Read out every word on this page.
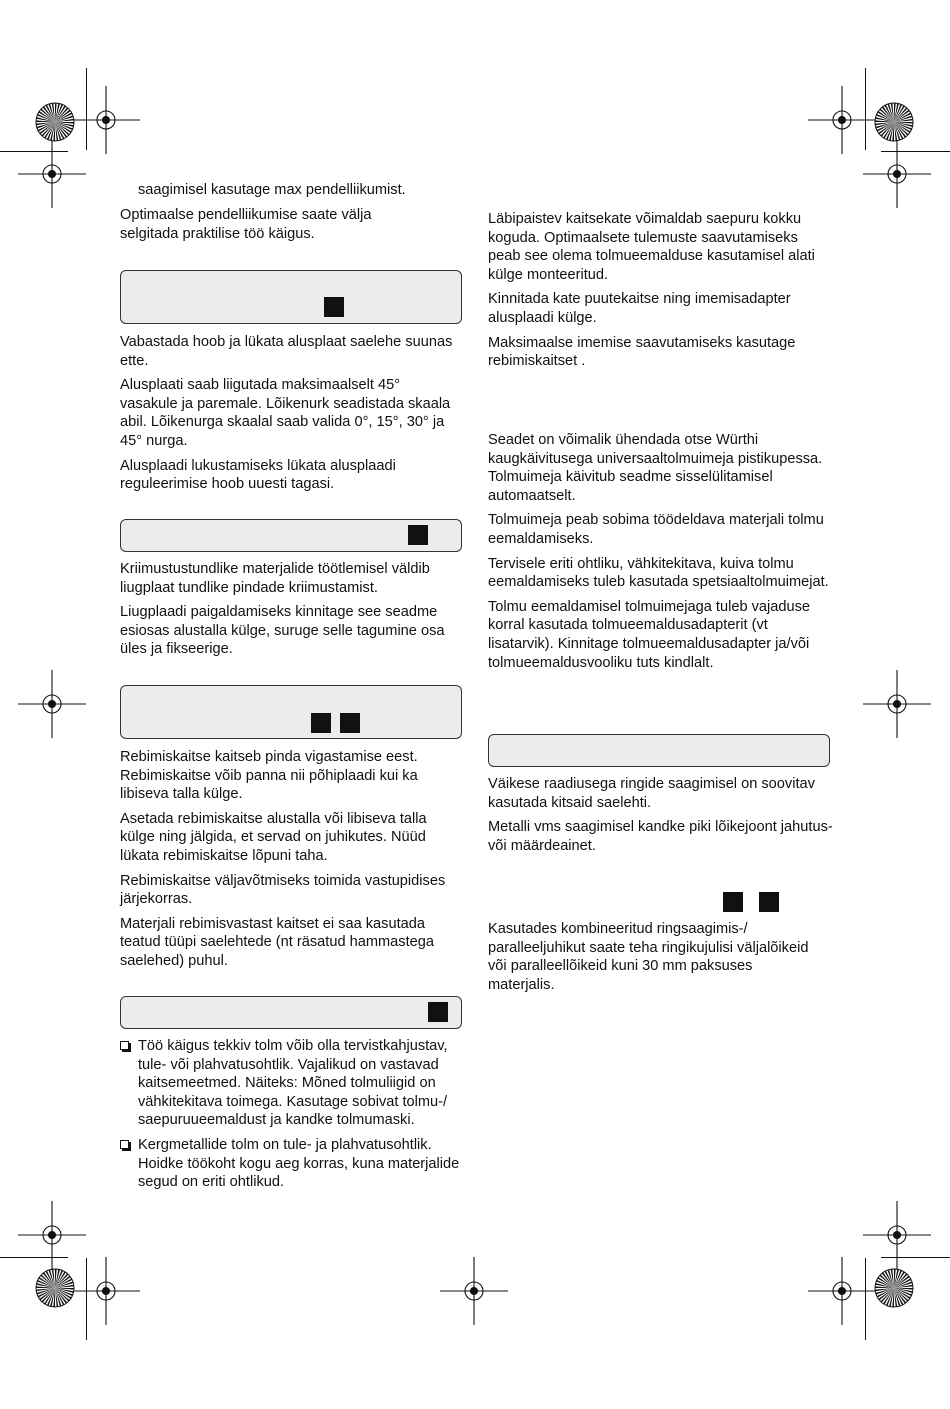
saagimisel kasutage max pendelliikumist.

Optimaalse pendelliikumise saate välja selgitada praktilise töö käigus.

Vabastada hoob ja lükata alusplaat saelehe suunas ette.

Alusplaati saab liigutada maksimaalselt 45° vasakule ja paremale. Lõikenurk seadistada skaala abil. Lõikenurga skaalal saab valida 0°, 15°, 30° ja 45° nurga.

Alusplaadi lukustamiseks lükata alusplaadi reguleerimise hoob uuesti tagasi.

Kriimustustundlike materjalide töötlemisel väldib liugplaat tundlike pindade kriimustamist.

Liugplaadi paigaldamiseks kinnitage see seadme esiosas alustalla külge, suruge selle tagumine osa üles ja fikseerige.

Rebimiskaitse kaitseb pinda vigastamise eest. Rebimiskaitse võib panna nii põhiplaadi kui ka libiseva talla külge.

Asetada rebimiskaitse alustalla või libiseva talla külge ning jälgida, et servad on juhikutes. Nüüd lükata rebimiskaitse lõpuni taha.

Rebimiskaitse väljavõtmiseks toimida vastupidises järjekorras.

Materjali rebimisvastast kaitset ei saa kasutada teatud tüüpi saelehtede (nt räsatud hammastega saelehed) puhul.

Töö käigus tekkiv tolm võib olla tervistkahjustav, tule- või plahvatusohtlik. Vajalikud on vastavad kaitsemeetmed. Näiteks: Mõned tolmuliigid on vähkitekitava toimega. Kasutage sobivat tolmu-/ saepuruueemaldust ja kandke tolmumaski.

Kergmetallide tolm on tule- ja plahvatusohtlik. Hoidke töökoht kogu aeg korras, kuna materjalide segud on eriti ohtlikud.

Läbipaistev kaitsekate võimaldab saepuru kokku koguda. Optimaalsete tulemuste saavutamiseks peab see olema tolmueemalduse kasutamisel alati külge monteeritud.

Kinnitada kate puutekaitse ning imemisadapter alusplaadi külge.

Maksimaalse imemise saavutamiseks kasutage rebimiskaitset .

Seadet on võimalik ühendada otse Würthi kaugkäivitusega universaaltolmuimeja pistikupessa. Tolmuimeja käivitub seadme sisselülitamisel automaatselt.

Tolmuimeja peab sobima töödeldava materjali tolmu eemaldamiseks.

Tervisele eriti ohtliku, vähkitekitava, kuiva tolmu eemaldamiseks tuleb kasutada spetsiaaltolmuimejat.

Tolmu eemaldamisel tolmuimejaga tuleb vajaduse korral kasutada tolmueemaldusadapterit (vt lisatarvik). Kinnitage tolmueemaldusadapter ja/või tolmueemaldusvooliku tuts kindlalt.

Väikese raadiusega ringide saagimisel on soovitav kasutada kitsaid saelehti.

Metalli vms saagimisel kandke piki lõikejoont jahutus- või määrdeainet.

Kasutades kombineeritud ringsaagimis-/ paralleeljuhikut saate teha ringikujulisi väljalõikeid või paralleellõikeid kuni 30 mm paksuses materjalis.
